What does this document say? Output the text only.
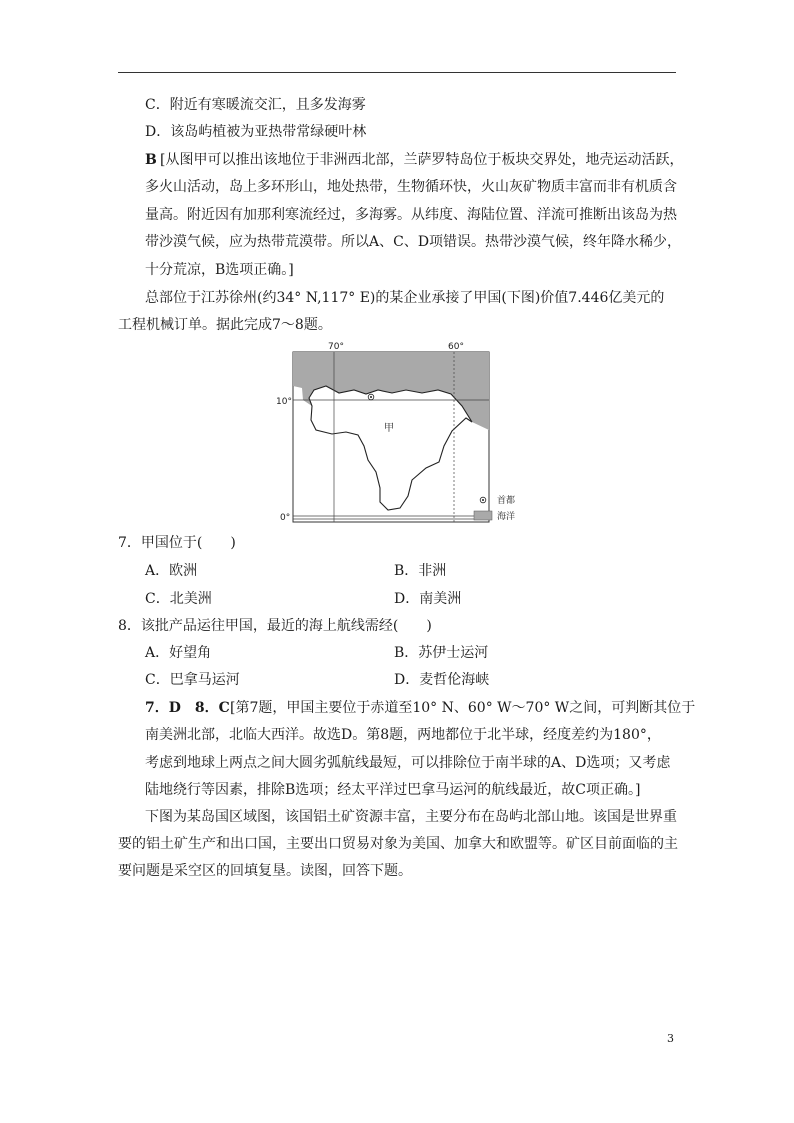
C．附近有寒暖流交汇，且多发海雾
D．该岛屿植被为亚热带常绿硬叶林
B [从图甲可以推出该地位于非洲西北部，兰萨罗特岛位于板块交界处，地壳运动活跃，
多火山活动，岛上多环形山，地处热带，生物循环快，火山灰矿物质丰富而非有机质含
量高。附近因有加那利寒流经过，多海雾。从纬度、海陆位置、洋流可推断出该岛为热
带沙漠气候，应为热带荒漠带。所以A、C、D项错误。热带沙漠气候，终年降水稀少，
十分荒凉，B选项正确。]
总部位于江苏徐州(约34° N,117° E)的某企业承接了甲国(下图)价值7.446亿美元的
工程机械订单。据此完成7～8题。
70°	60°
10°
0°
甲
首都
海洋
7．甲国位于(　　)
A．欧洲	B．非洲
C．北美洲	D．南美洲
8．该批产品运往甲国，最近的海上航线需经(　　)
A．好望角	B．苏伊士运河
C．巴拿马运河	D．麦哲伦海峡
7．D　8．C [第7题，甲国主要位于赤道至10° N、60° W～70° W之间，可判断其位于
南美洲北部，北临大西洋。故选D。第8题，两地都位于北半球，经度差约为180°，
考虑到地球上两点之间大圆劣弧航线最短，可以排除位于南半球的A、D选项；又考虑
陆地绕行等因素，排除B选项；经太平洋过巴拿马运河的航线最近，故C项正确。]
下图为某岛国区域图，该国铝土矿资源丰富，主要分布在岛屿北部山地。该国是世界重
要的铝土矿生产和出口国，主要出口贸易对象为美国、加拿大和欧盟等。矿区目前面临的主
要问题是采空区的回填复垦。读图，回答下题。
3
